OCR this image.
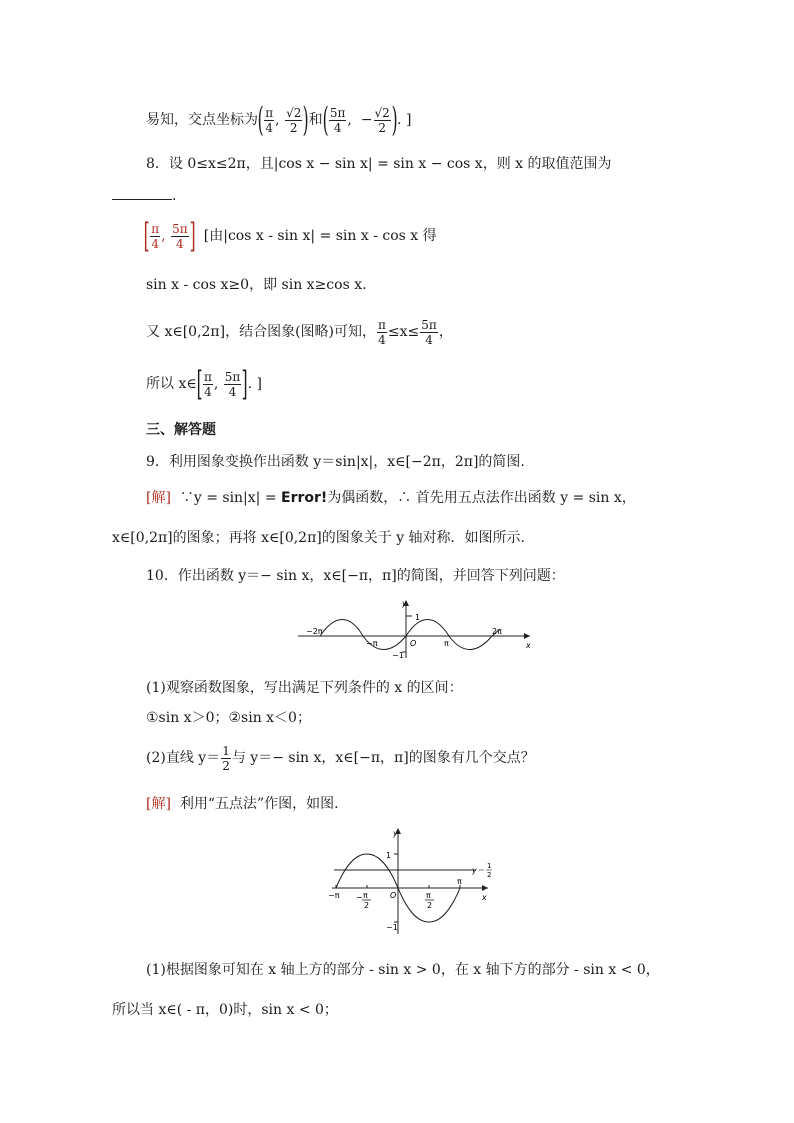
易知，交点坐标为( $\frac{\pi}{4}$ , $\frac{√2}{2}$ )和( $\frac{5\pi}{4}$ ,  − $\frac{√2}{2}$ ). ]
8．设 0≤x≤2π，且|cos x − sin x| = sin x − cos x，则 x 的取值范围为
.
[ $\frac{\pi}{4}$ , $\frac{5\pi}{4}$ ] [由|cos x - sin x| = sin x - cos x 得
sin x - cos x≥0，即 sin x≥cos x.
又 x∈[0,2π]，结合图象(图略)可知， $\frac{\pi}{4} \le x\le \frac{5\pi}{4}$ ，
所以 x∈[ $\frac{\pi}{4}$ , $\frac{5\pi}{4}$ ]. ]
三、解答题
9．利用图象变换作出函数 y＝sin|x|，x∈[−2π，2π]的简图.
[解] ∵y = sin|x| = Error!为偶函数，∴ 首先用五点法作出函数 y = sin x，
x∈[0,2π]的图象；再将 x∈[0,2π]的图象关于 y 轴对称．如图所示.
10．作出函数 y＝− sin x，x∈[−π，π]的简图，并回答下列问题：
y
x
1
−1
O
−2π
−π	π
2π
(1)观察函数图象，写出满足下列条件的 x 的区间：
①sin x＞0；②sin x＜0；
(2)直线 $y= \frac{1}{2}$ 与 y＝− sin x，x∈[−π，π]的图象有几个交点？
[解] 利用“五点法”作图，如图.
y
x
1
−1
O
−π
π
− π
2
π
2
y＝ 1
2
(1)根据图象可知在 x 轴上方的部分 - sin x > 0，在 x 轴下方的部分 - sin x < 0，
所以当 x∈( - π，0)时，sin x < 0；
